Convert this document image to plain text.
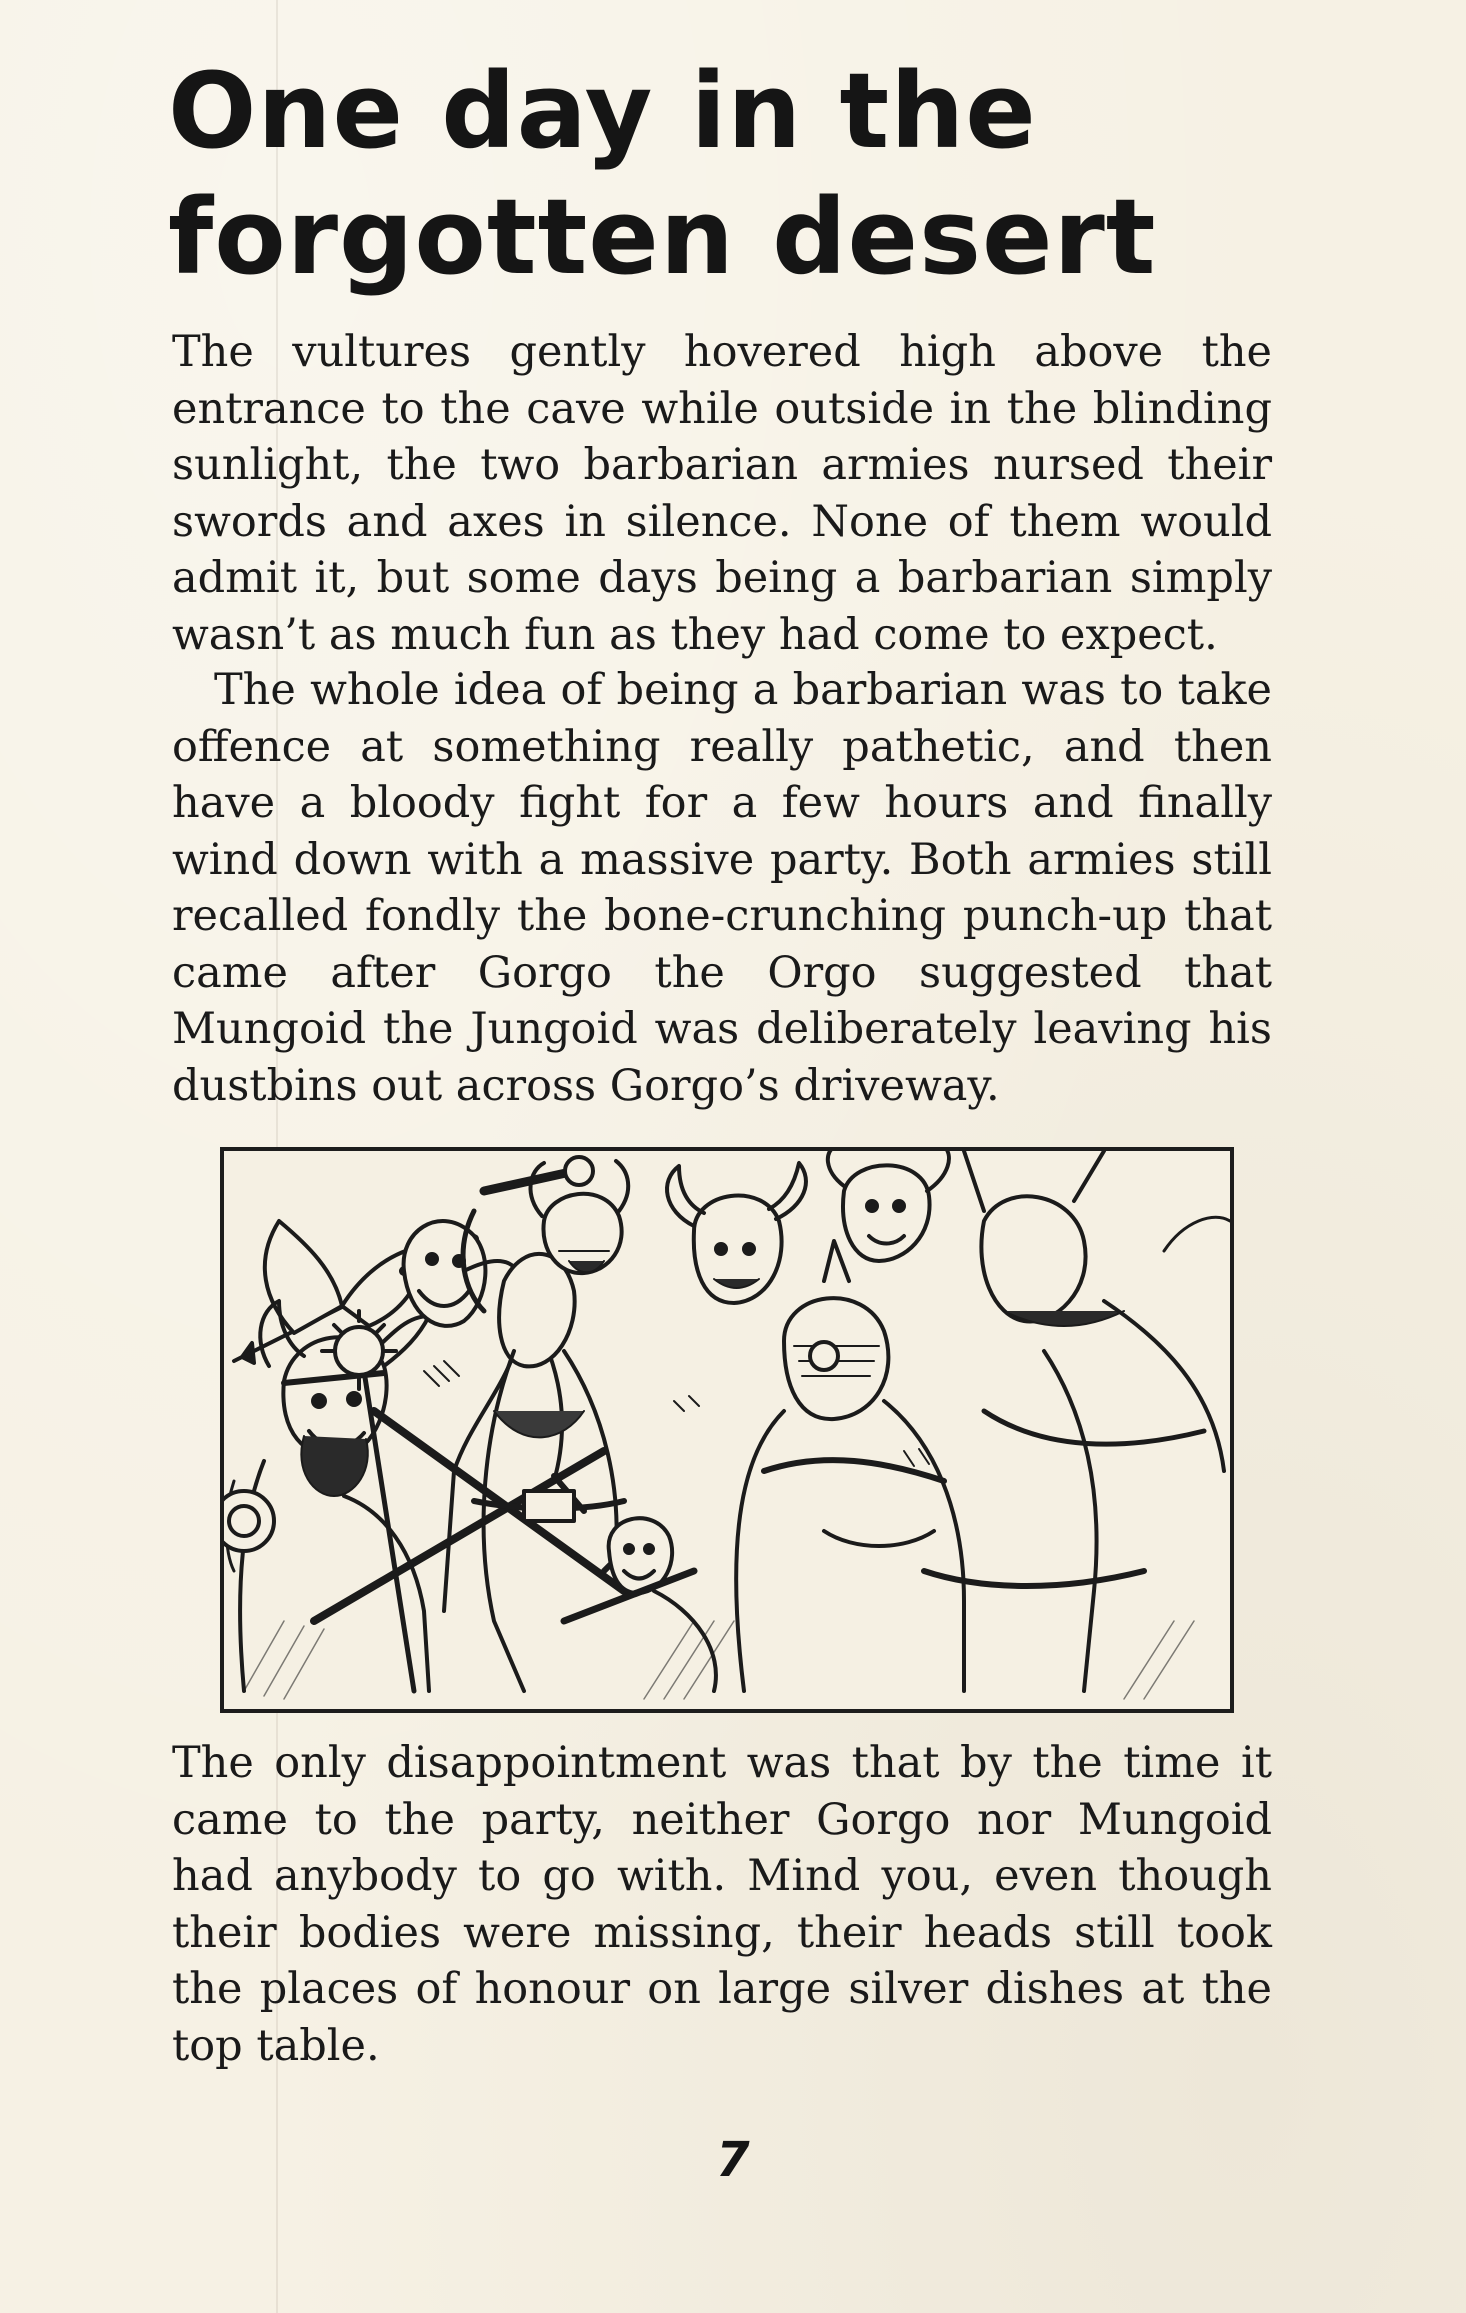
One day in the
forgotten desert

The vultures gently hovered high above the entrance to the cave while outside in the blinding sunlight, the two barbarian armies nursed their swords and axes in silence. None of them would admit it, but some days being a barbarian simply wasn’t as much fun as they had come to expect.

The whole idea of being a barbarian was to take offence at something really pathetic, and then have a bloody fight for a few hours and finally wind down with a massive party. Both armies still recalled fondly the bone-crunching punch-up that came after Gorgo the Orgo suggested that Mungoid the Jungoid was deliberately leaving his dustbins out across Gorgo’s driveway.

The only disappointment was that by the time it came to the party, neither Gorgo nor Mungoid had anybody to go with. Mind you, even though their bodies were missing, their heads still took the places of honour on large silver dishes at the top table.

7
